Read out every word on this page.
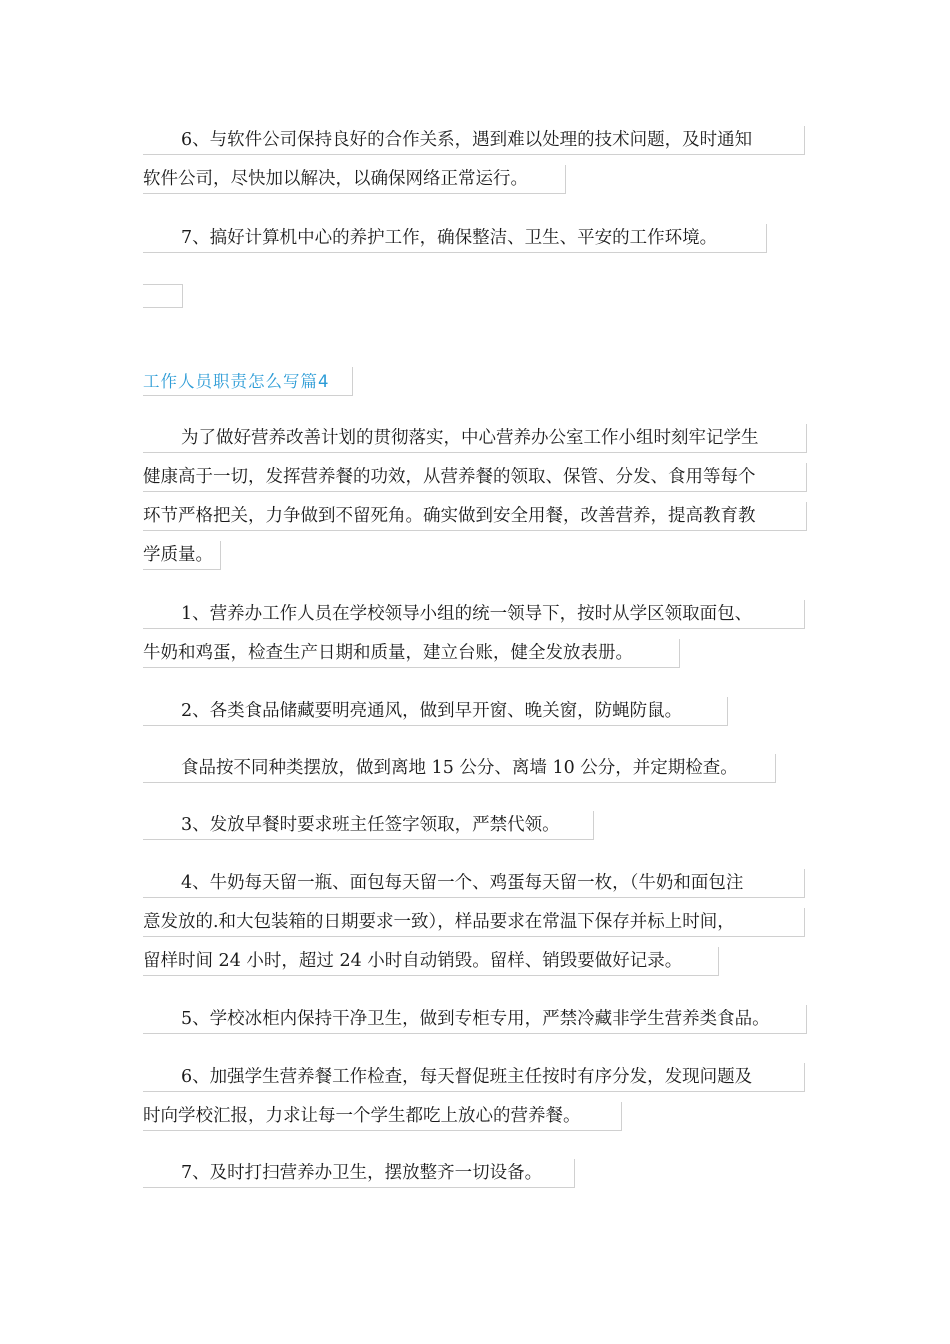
6、与软件公司保持良好的合作关系，遇到难以处理的技术问题，及时通知
软件公司，尽快加以解决，以确保网络正常运行。
7、搞好计算机中心的养护工作，确保整洁、卫生、平安的工作环境。
工作人员职责怎么写篇4
为了做好营养改善计划的贯彻落实，中心营养办公室工作小组时刻牢记学生
健康高于一切，发挥营养餐的功效，从营养餐的领取、保管、分发、食用等每个
环节严格把关，力争做到不留死角。确实做到安全用餐，改善营养，提高教育教
学质量。
1、营养办工作人员在学校领导小组的统一领导下，按时从学区领取面包、
牛奶和鸡蛋，检查生产日期和质量，建立台账，健全发放表册。
2、各类食品储藏要明亮通风，做到早开窗、晚关窗，防蝇防鼠。
食品按不同种类摆放，做到离地 15 公分、离墙 10 公分，并定期检查。
3、发放早餐时要求班主任签字领取，严禁代领。
4、牛奶每天留一瓶、面包每天留一个、鸡蛋每天留一枚，（牛奶和面包注
意发放的.和大包装箱的日期要求一致），样品要求在常温下保存并标上时间，
留样时间 24 小时，超过 24 小时自动销毁。留样、销毁要做好记录。
5、学校冰柜内保持干净卫生，做到专柜专用，严禁冷藏非学生营养类食品。
6、加强学生营养餐工作检查，每天督促班主任按时有序分发，发现问题及
时向学校汇报，力求让每一个学生都吃上放心的营养餐。
7、及时打扫营养办卫生，摆放整齐一切设备。
